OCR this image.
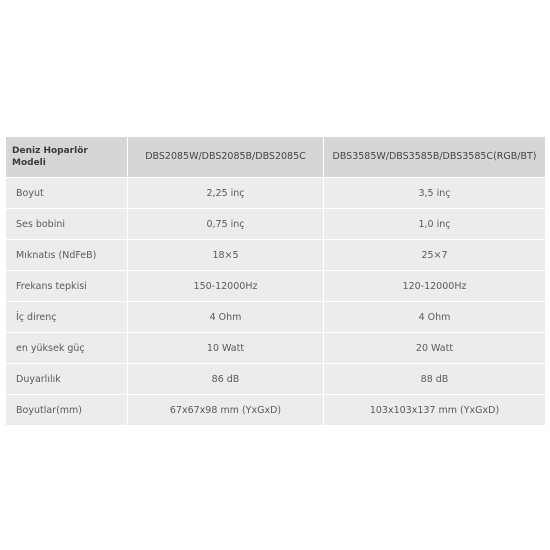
Deniz Hoparlör Modeli	DBS2085W/DBS2085B/DBS2085C	DBS3585W/DBS3585B/DBS3585C(RGB/BT)
Boyut	2,25 inç	3,5 inç
Ses bobini	0,75 inç	1,0 inç
Mıknatıs (NdFeB)	18×5	25×7
Frekans tepkisi	150-12000Hz	120-12000Hz
İç direnç	4 Ohm	4 Ohm
en yüksek güç	10 Watt	20 Watt
Duyarlılık	86 dB	88 dB
Boyutlar(mm)	67x67x98 mm (YxGxD)	103x103x137 mm (YxGxD)
